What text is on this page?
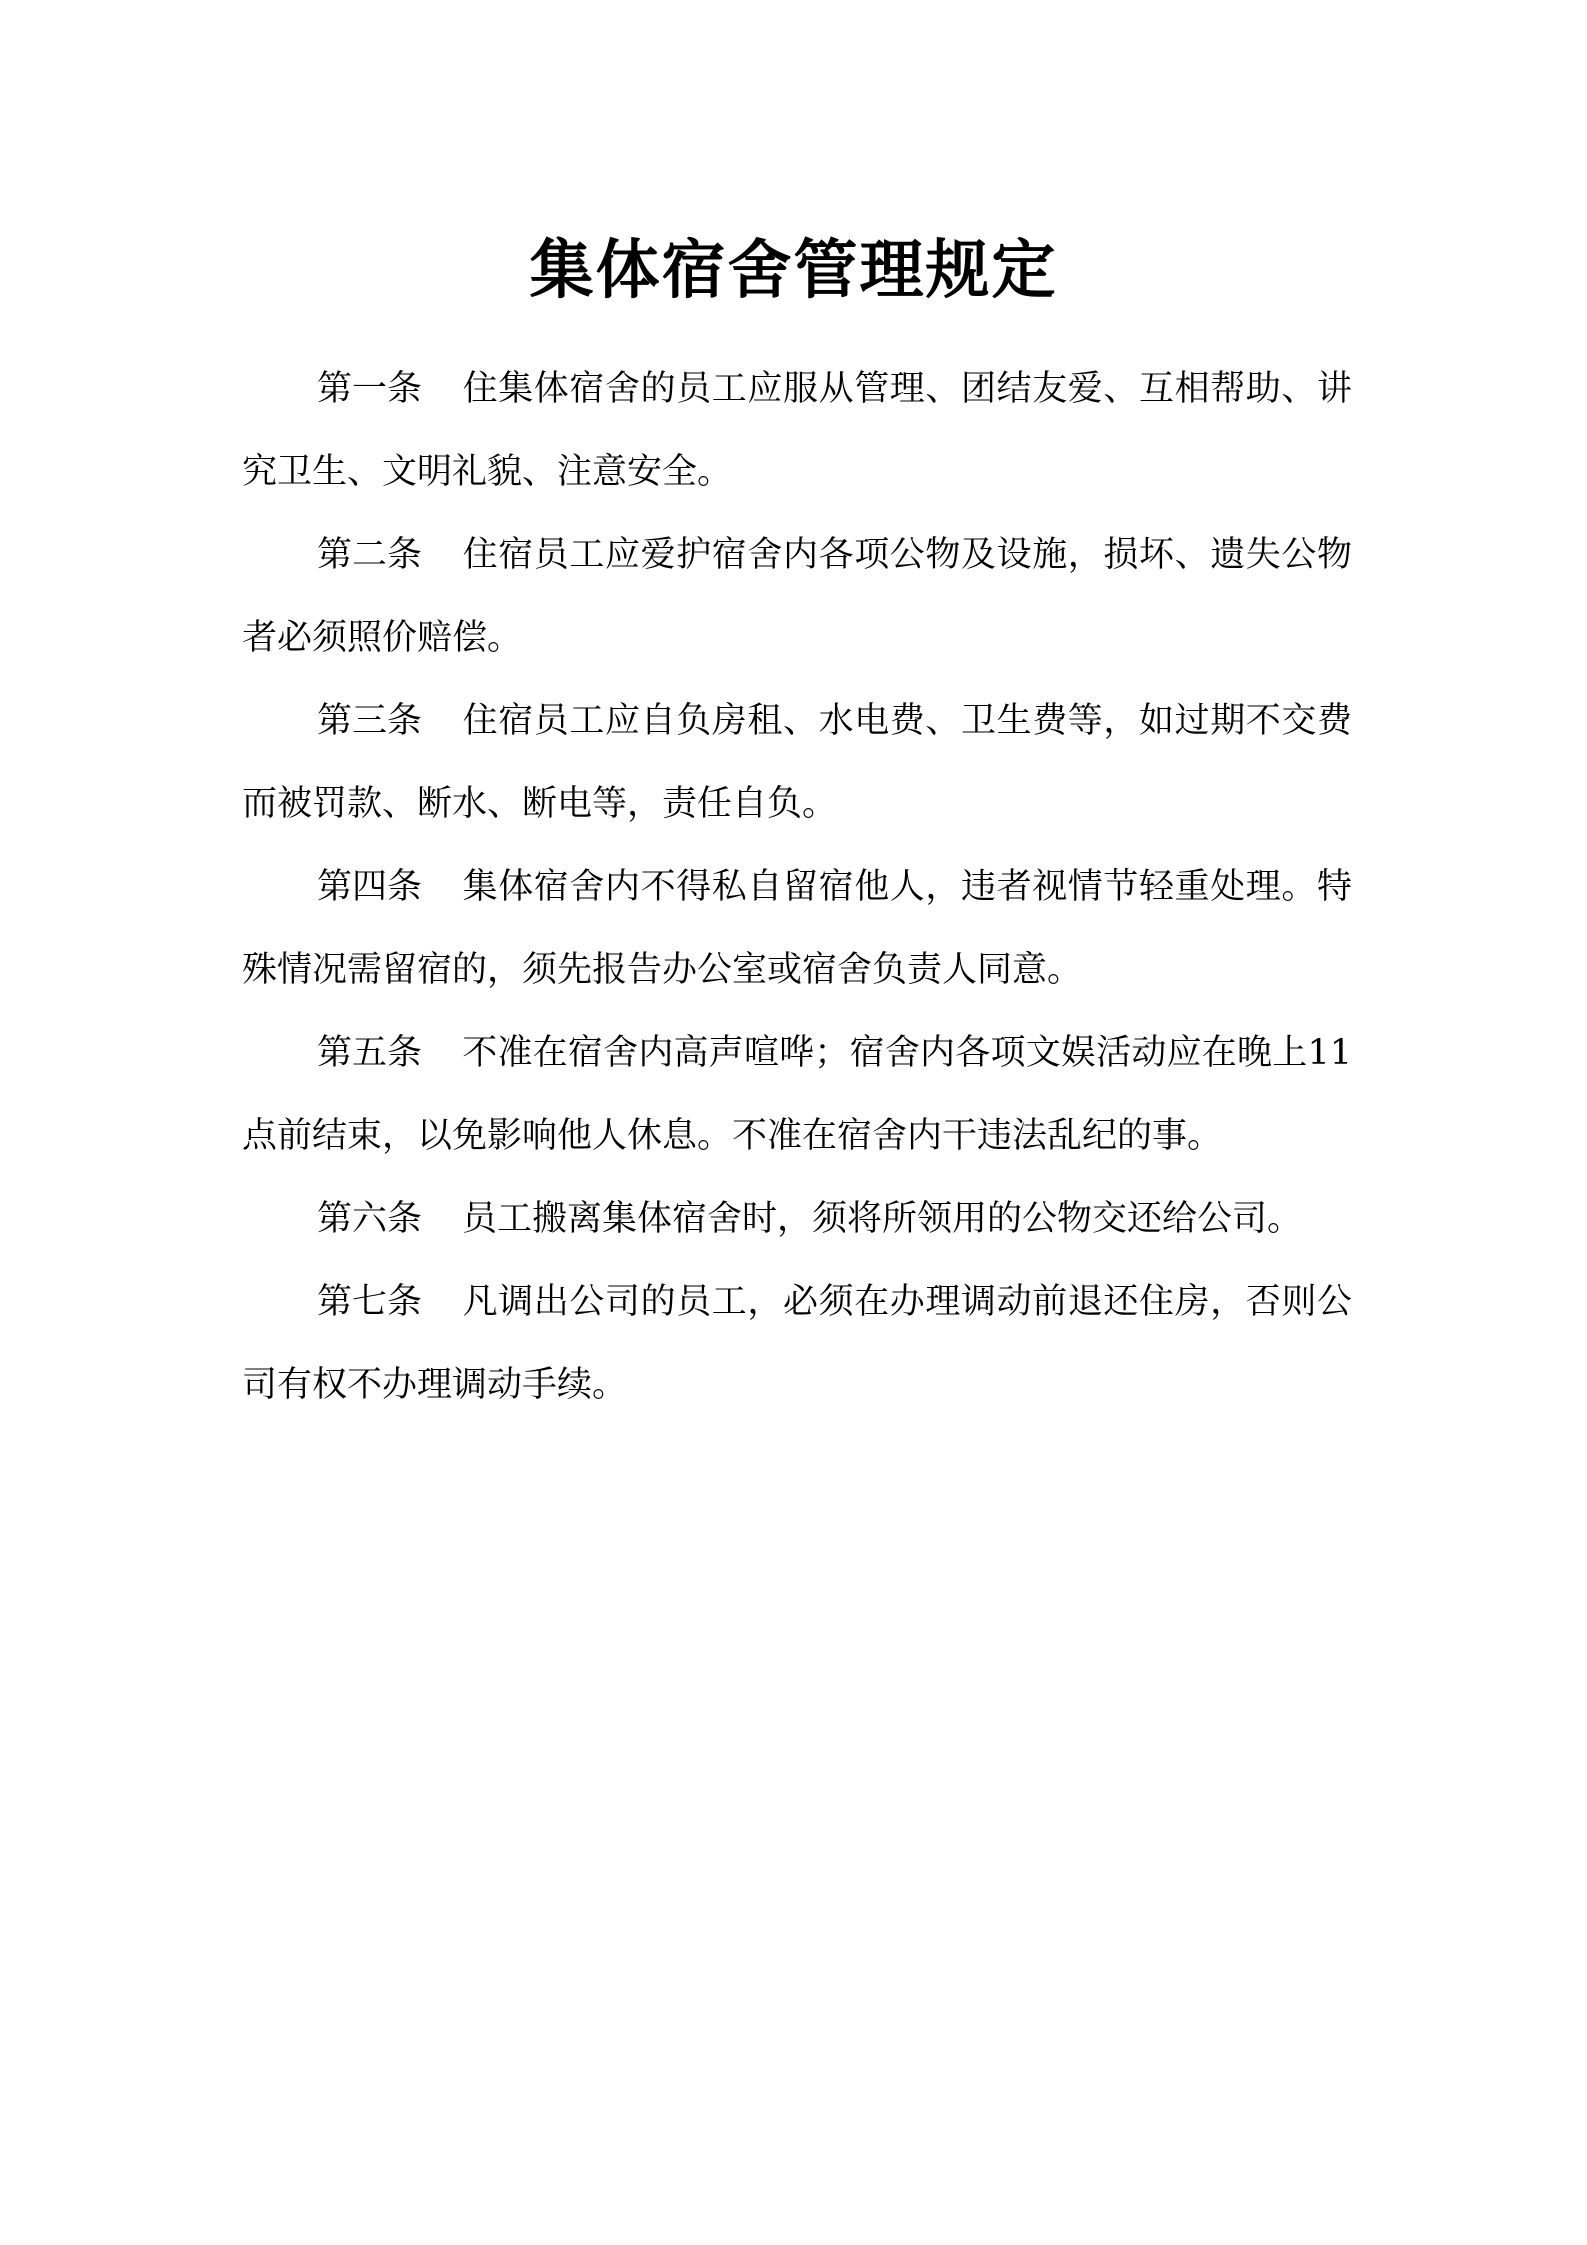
集体宿舍管理规定

第一条 住集体宿舍的员工应服从管理、团结友爱、互相帮助、讲究卫生、文明礼貌、注意安全。

第二条 住宿员工应爱护宿舍内各项公物及设施，损坏、遗失公物者必须照价赔偿。

第三条 住宿员工应自负房租、水电费、卫生费等，如过期不交费而被罚款、断水、断电等，责任自负。

第四条 集体宿舍内不得私自留宿他人，违者视情节轻重处理。特殊情况需留宿的，须先报告办公室或宿舍负责人同意。

第五条 不准在宿舍内高声喧哗；宿舍内各项文娱活动应在晚上11点前结束，以免影响他人休息。不准在宿舍内干违法乱纪的事。

第六条 员工搬离集体宿舍时，须将所领用的公物交还给公司。

第七条 凡调出公司的员工，必须在办理调动前退还住房，否则公司有权不办理调动手续。
